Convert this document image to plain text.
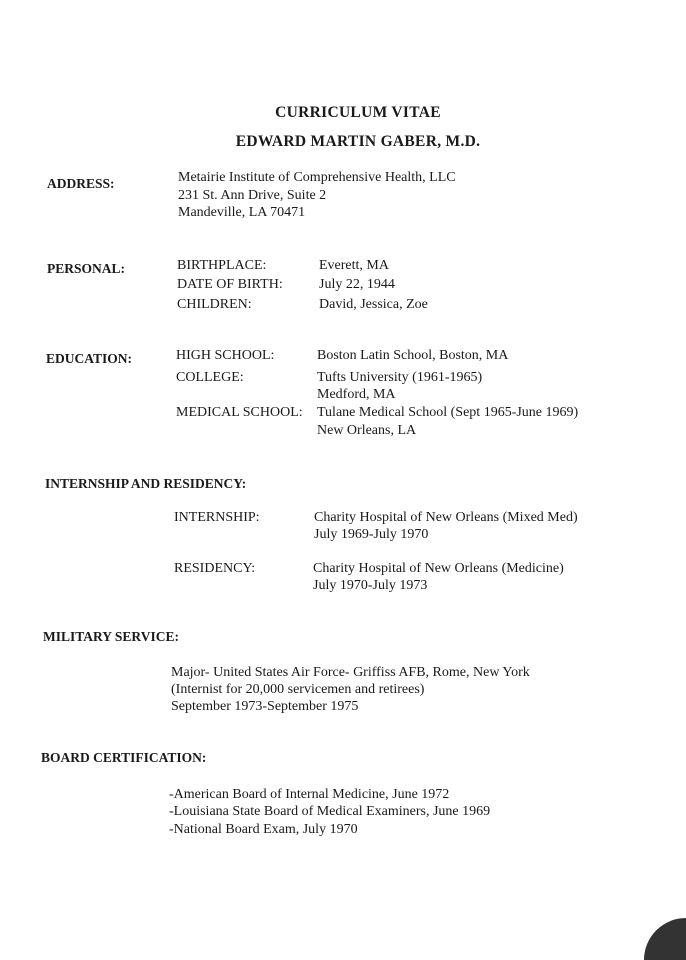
CURRICULUM VITAE
EDWARD MARTIN GABER, M.D.
ADDRESS:	Metairie Institute of Comprehensive Health, LLC
231 St. Ann Drive, Suite 2
Mandeville, LA 70471
PERSONAL:	BIRTHPLACE:	Everett, MA
DATE OF BIRTH:	July 22, 1944
CHILDREN:	David, Jessica, Zoe
EDUCATION:	HIGH SCHOOL:	Boston Latin School, Boston, MA
COLLEGE:	Tufts University (1961-1965)
Medford, MA
MEDICAL SCHOOL: Tulane Medical School (Sept 1965-June 1969)
New Orleans, LA
INTERNSHIP AND RESIDENCY:
INTERNSHIP:	Charity Hospital of New Orleans (Mixed Med)
July 1969-July 1970
RESIDENCY:	Charity Hospital of New Orleans (Medicine)
July 1970-July 1973
MILITARY SERVICE:
Major- United States Air Force- Griffiss AFB, Rome, New York
(Internist for 20,000 servicemen and retirees)
September 1973-September 1975
BOARD CERTIFICATION:
-American Board of Internal Medicine, June 1972
-Louisiana State Board of Medical Examiners, June 1969
-National Board Exam, July 1970
